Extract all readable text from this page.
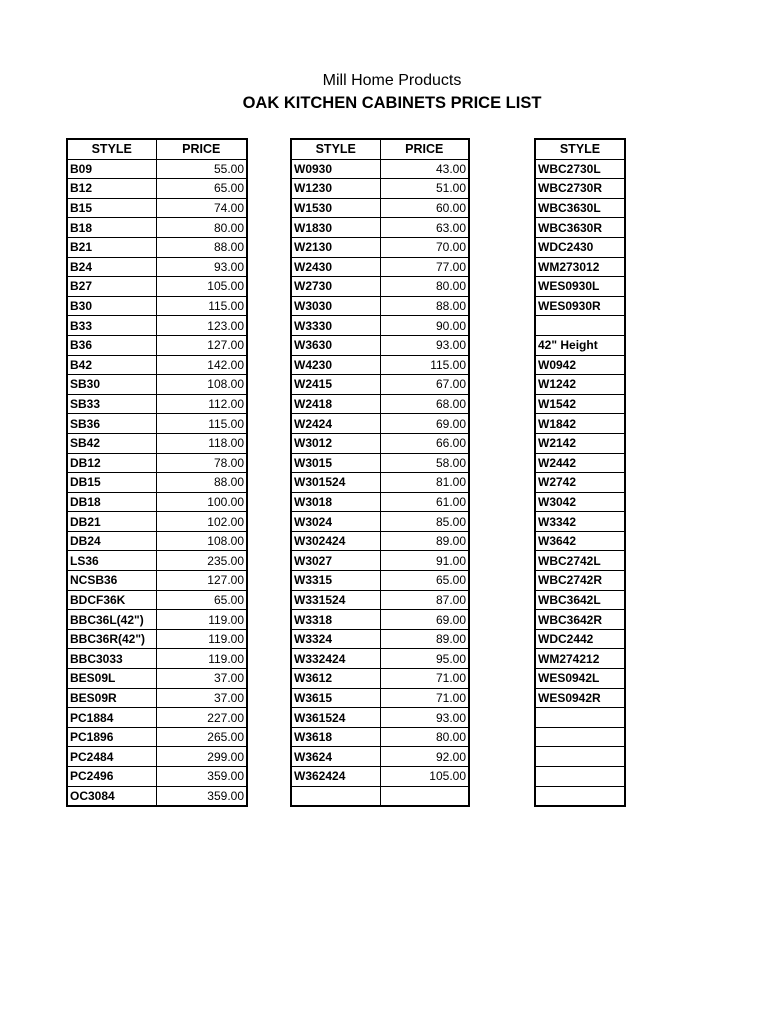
Mill Home Products
OAK KITCHEN CABINETS PRICE LIST
STYLE	PRICE
B09	55.00
B12	65.00
B15	74.00
B18	80.00
B21	88.00
B24	93.00
B27	105.00
B30	115.00
B33	123.00
B36	127.00
B42	142.00
SB30	108.00
SB33	112.00
SB36	115.00
SB42	118.00
DB12	78.00
DB15	88.00
DB18	100.00
DB21	102.00
DB24	108.00
LS36	235.00
NCSB36	127.00
BDCF36K	65.00
BBC36L(42")	119.00
BBC36R(42")	119.00
BBC3033	119.00
BES09L	37.00
BES09R	37.00
PC1884	227.00
PC1896	265.00
PC2484	299.00
PC2496	359.00
OC3084	359.00
STYLE	PRICE
W0930	43.00
W1230	51.00
W1530	60.00
W1830	63.00
W2130	70.00
W2430	77.00
W2730	80.00
W3030	88.00
W3330	90.00
W3630	93.00
W4230	115.00
W2415	67.00
W2418	68.00
W2424	69.00
W3012	66.00
W3015	58.00
W301524	81.00
W3018	61.00
W3024	85.00
W302424	89.00
W3027	91.00
W3315	65.00
W331524	87.00
W3318	69.00
W3324	89.00
W332424	95.00
W3612	71.00
W3615	71.00
W361524	93.00
W3618	80.00
W3624	92.00
W362424	105.00

STYLE
WBC2730L
WBC2730R
WBC3630L
WBC3630R
WDC2430
WM273012
WES0930L
WES0930R

42" Height
W0942
W1242
W1542
W1842
W2142
W2442
W2742
W3042
W3342
W3642
WBC2742L
WBC2742R
WBC3642L
WBC3642R
WDC2442
WM274212
WES0942L
WES0942R
